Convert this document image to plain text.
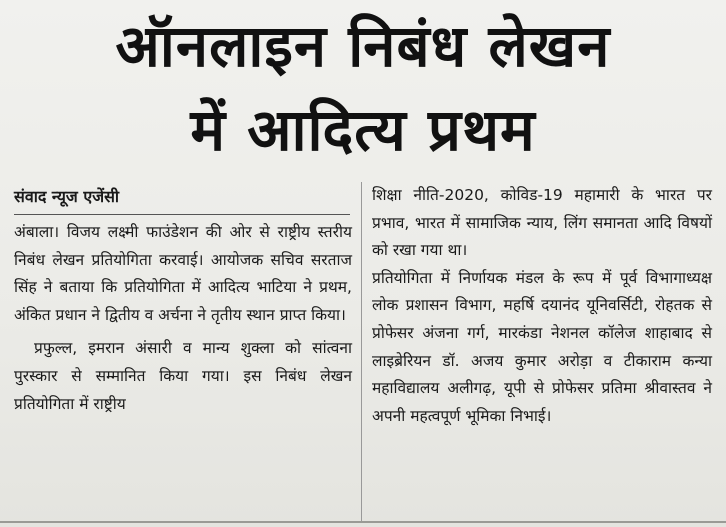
ऑनलाइन निबंध लेखन
में आदित्य प्रथम
संवाद न्यूज एजेंसी

अंबाला। विजय लक्ष्मी फाउंडेशन की ओर से राष्ट्रीय स्तरीय निबंध लेखन प्रतियोगिता करवाई। आयोजक सचिव सरताज सिंह ने बताया कि प्रतियोगिता में आदित्य भाटिया ने प्रथम, अंकित प्रधान ने द्वितीय व अर्चना ने तृतीय स्थान प्राप्त किया।

प्रफुल्ल, इमरान अंसारी व मान्य शुक्ला को सांत्वना पुरस्कार से सम्मानित किया गया। इस निबंध लेखन प्रतियोगिता में राष्ट्रीय

शिक्षा नीति-2020, कोविड-19 महामारी के भारत पर प्रभाव, भारत में सामाजिक न्याय, लिंग समानता आदि विषयों को रखा गया था।

प्रतियोगिता में निर्णायक मंडल के रूप में पूर्व विभागाध्यक्ष लोक प्रशासन विभाग, महर्षि दयानंद यूनिवर्सिटी, रोहतक से प्रोफेसर अंजना गर्ग, मारकंडा नेशनल कॉलेज शाहाबाद से लाइब्रेरियन डॉ. अजय कुमार अरोड़ा व टीकाराम कन्या महाविद्यालय अलीगढ़, यूपी से प्रोफेसर प्रतिमा श्रीवास्तव ने अपनी महत्वपूर्ण भूमिका निभाई।
